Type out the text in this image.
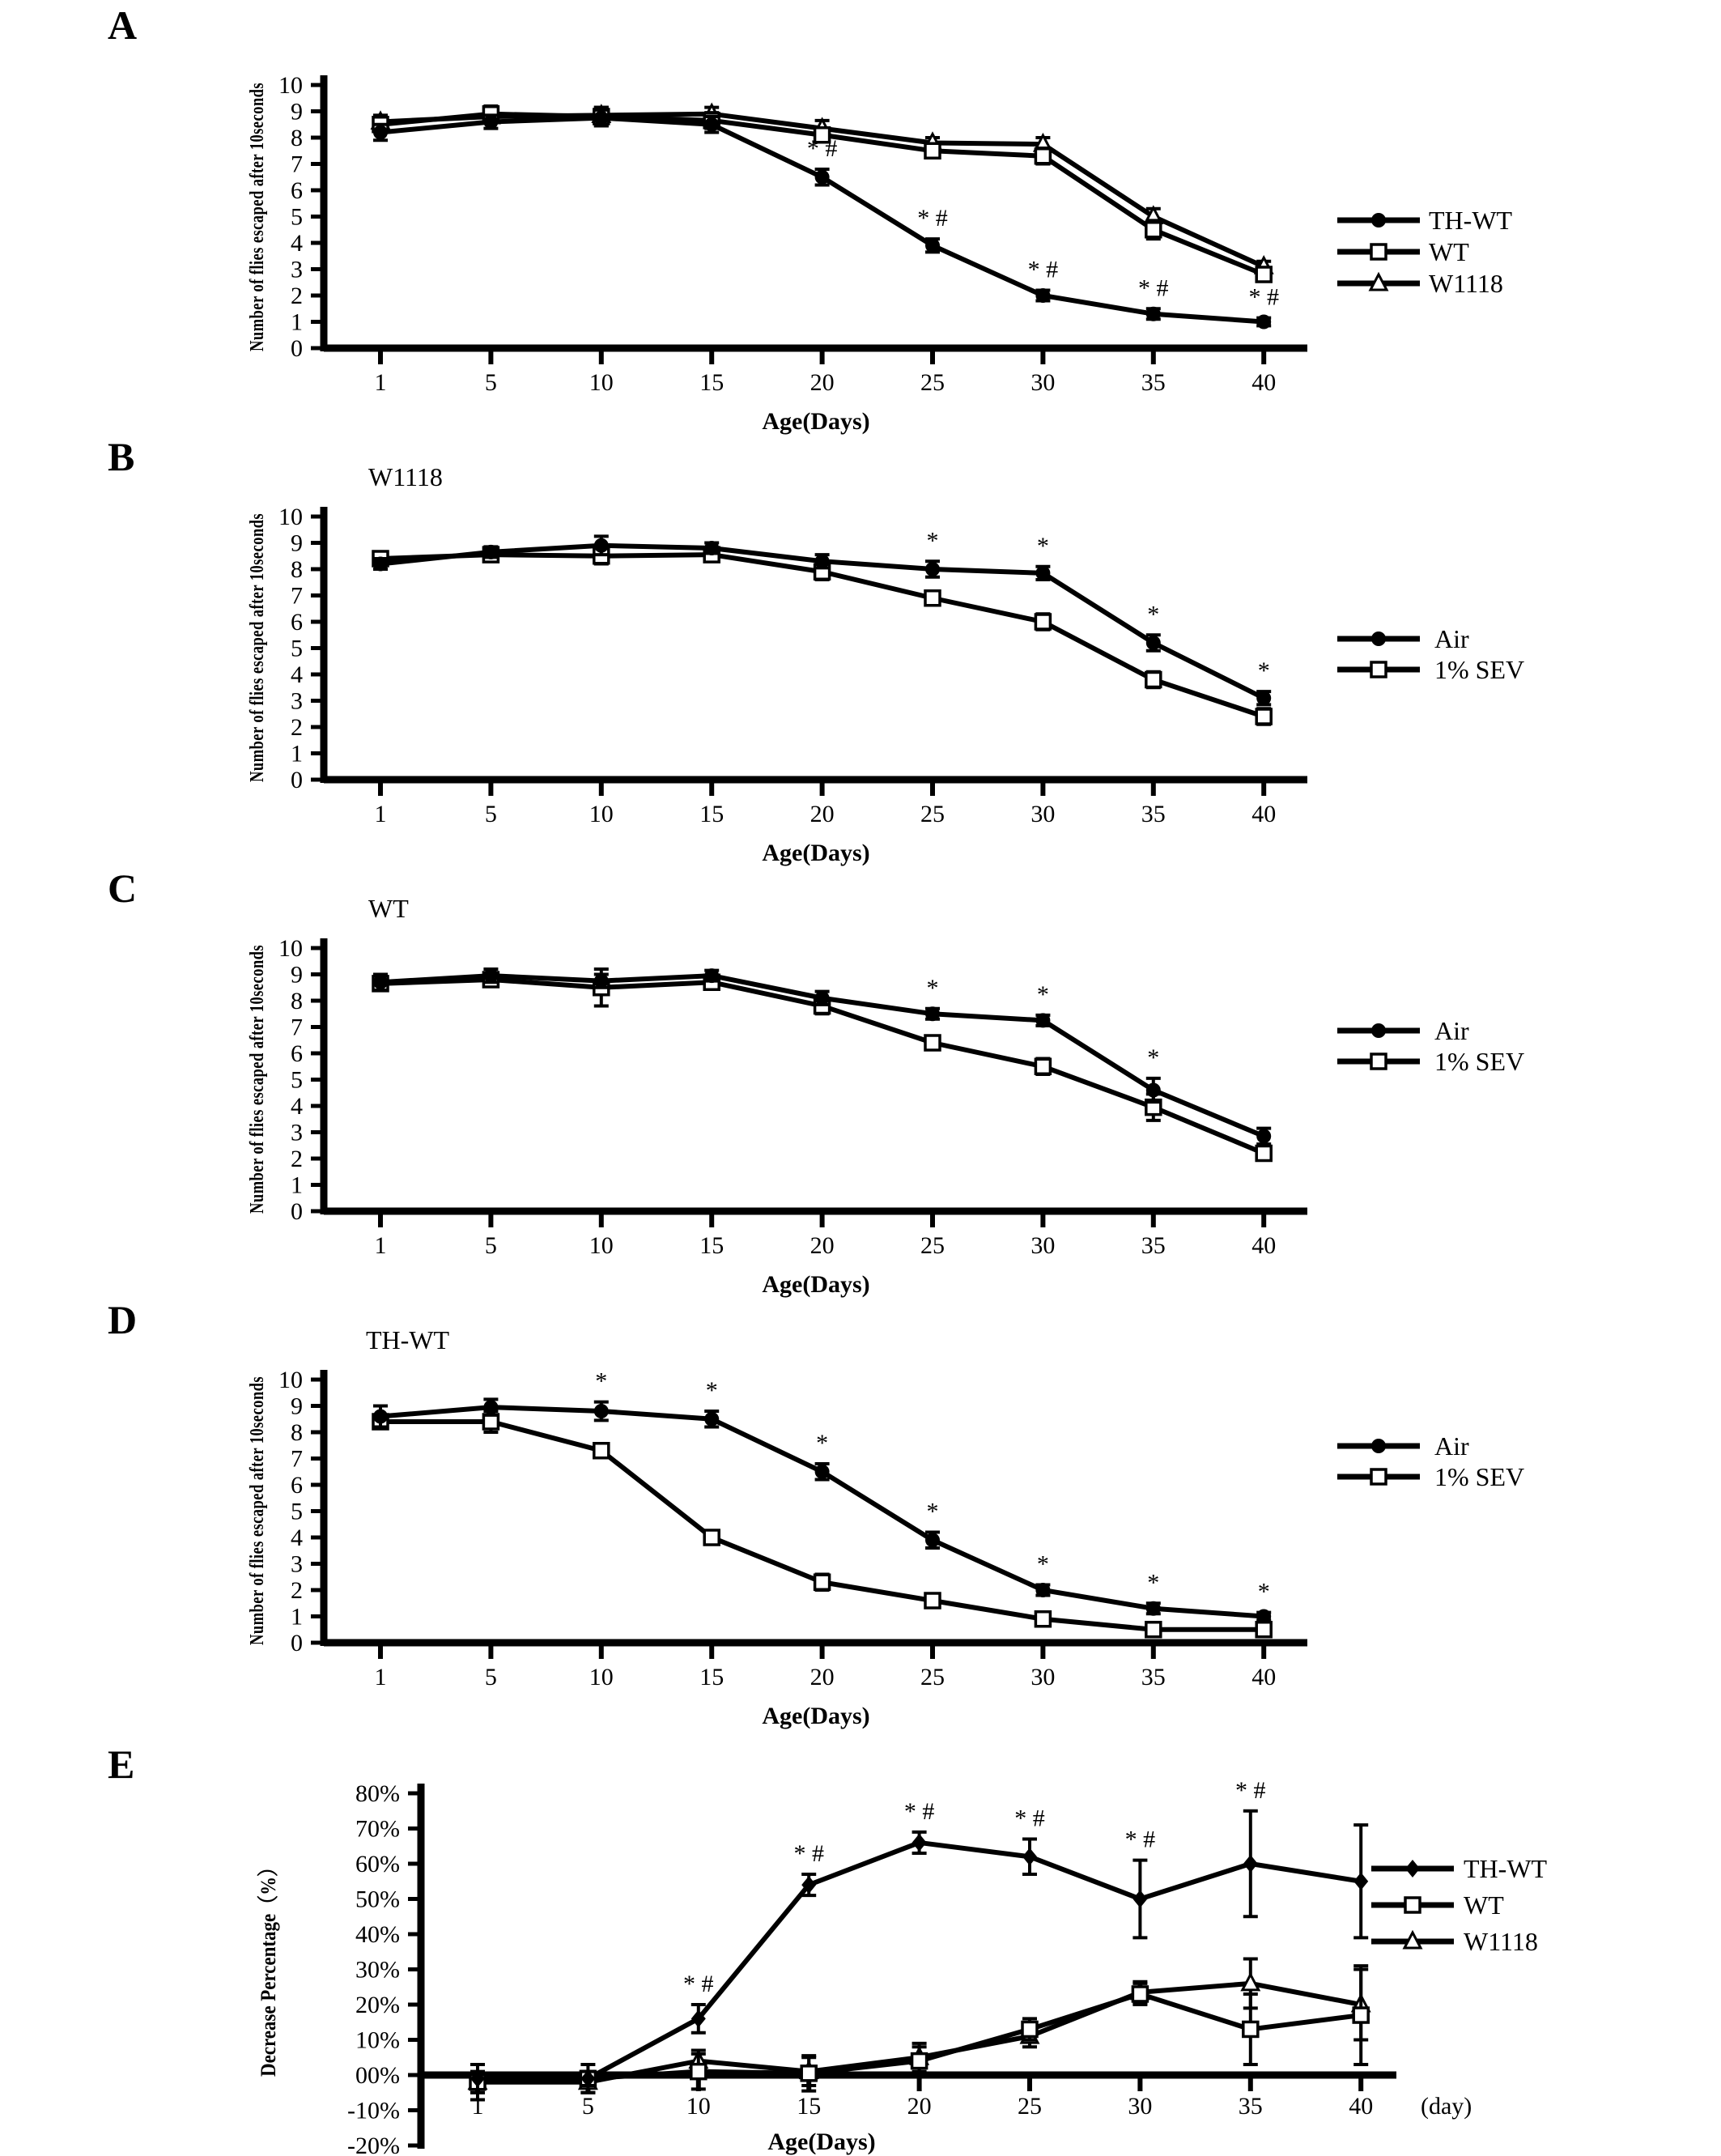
A	Number of flies escaped after 10seconds
Age(Days)
B	W1118
Number of flies escaped after 10seconds
Age(Days)
C	WT
Number of flies escaped after 10seconds
Age(Days)
D	TH-WT
Number of flies escaped after 10seconds
Age(Days)
E
Decrease Percentage（%）
Age(Days)
10
9
8
7
6
5
4
3
2
1
0
1	5	10	15	20	25	30	35	40
* #
* #
* #
* #	* #
TH-WT
WT
W1118
10
9
8
7
6
5
4
3
2
1
0
1	5	10	15	20	25	30	35	40
*	*
*
*
Air
1% SEV
10
9
8
7
6
5
4
3
2
1
0
1	5	10	15	20	25	30	35	40
*	*
*
Air
1% SEV
10
9
8
7
6
5
4
3
2
1
0
1	5	10	15	20	25	30	35	40
*	*
*
*
*
*	*
Air
1% SEV
80%
70%
60%
50%
40%
30%
20%
10%
00%
-10%
-20%
1	5	10	15	20	25	30	35	40 (day)
* #
* #
* #	* #
* #
* #
TH-WT
WT
W1118
